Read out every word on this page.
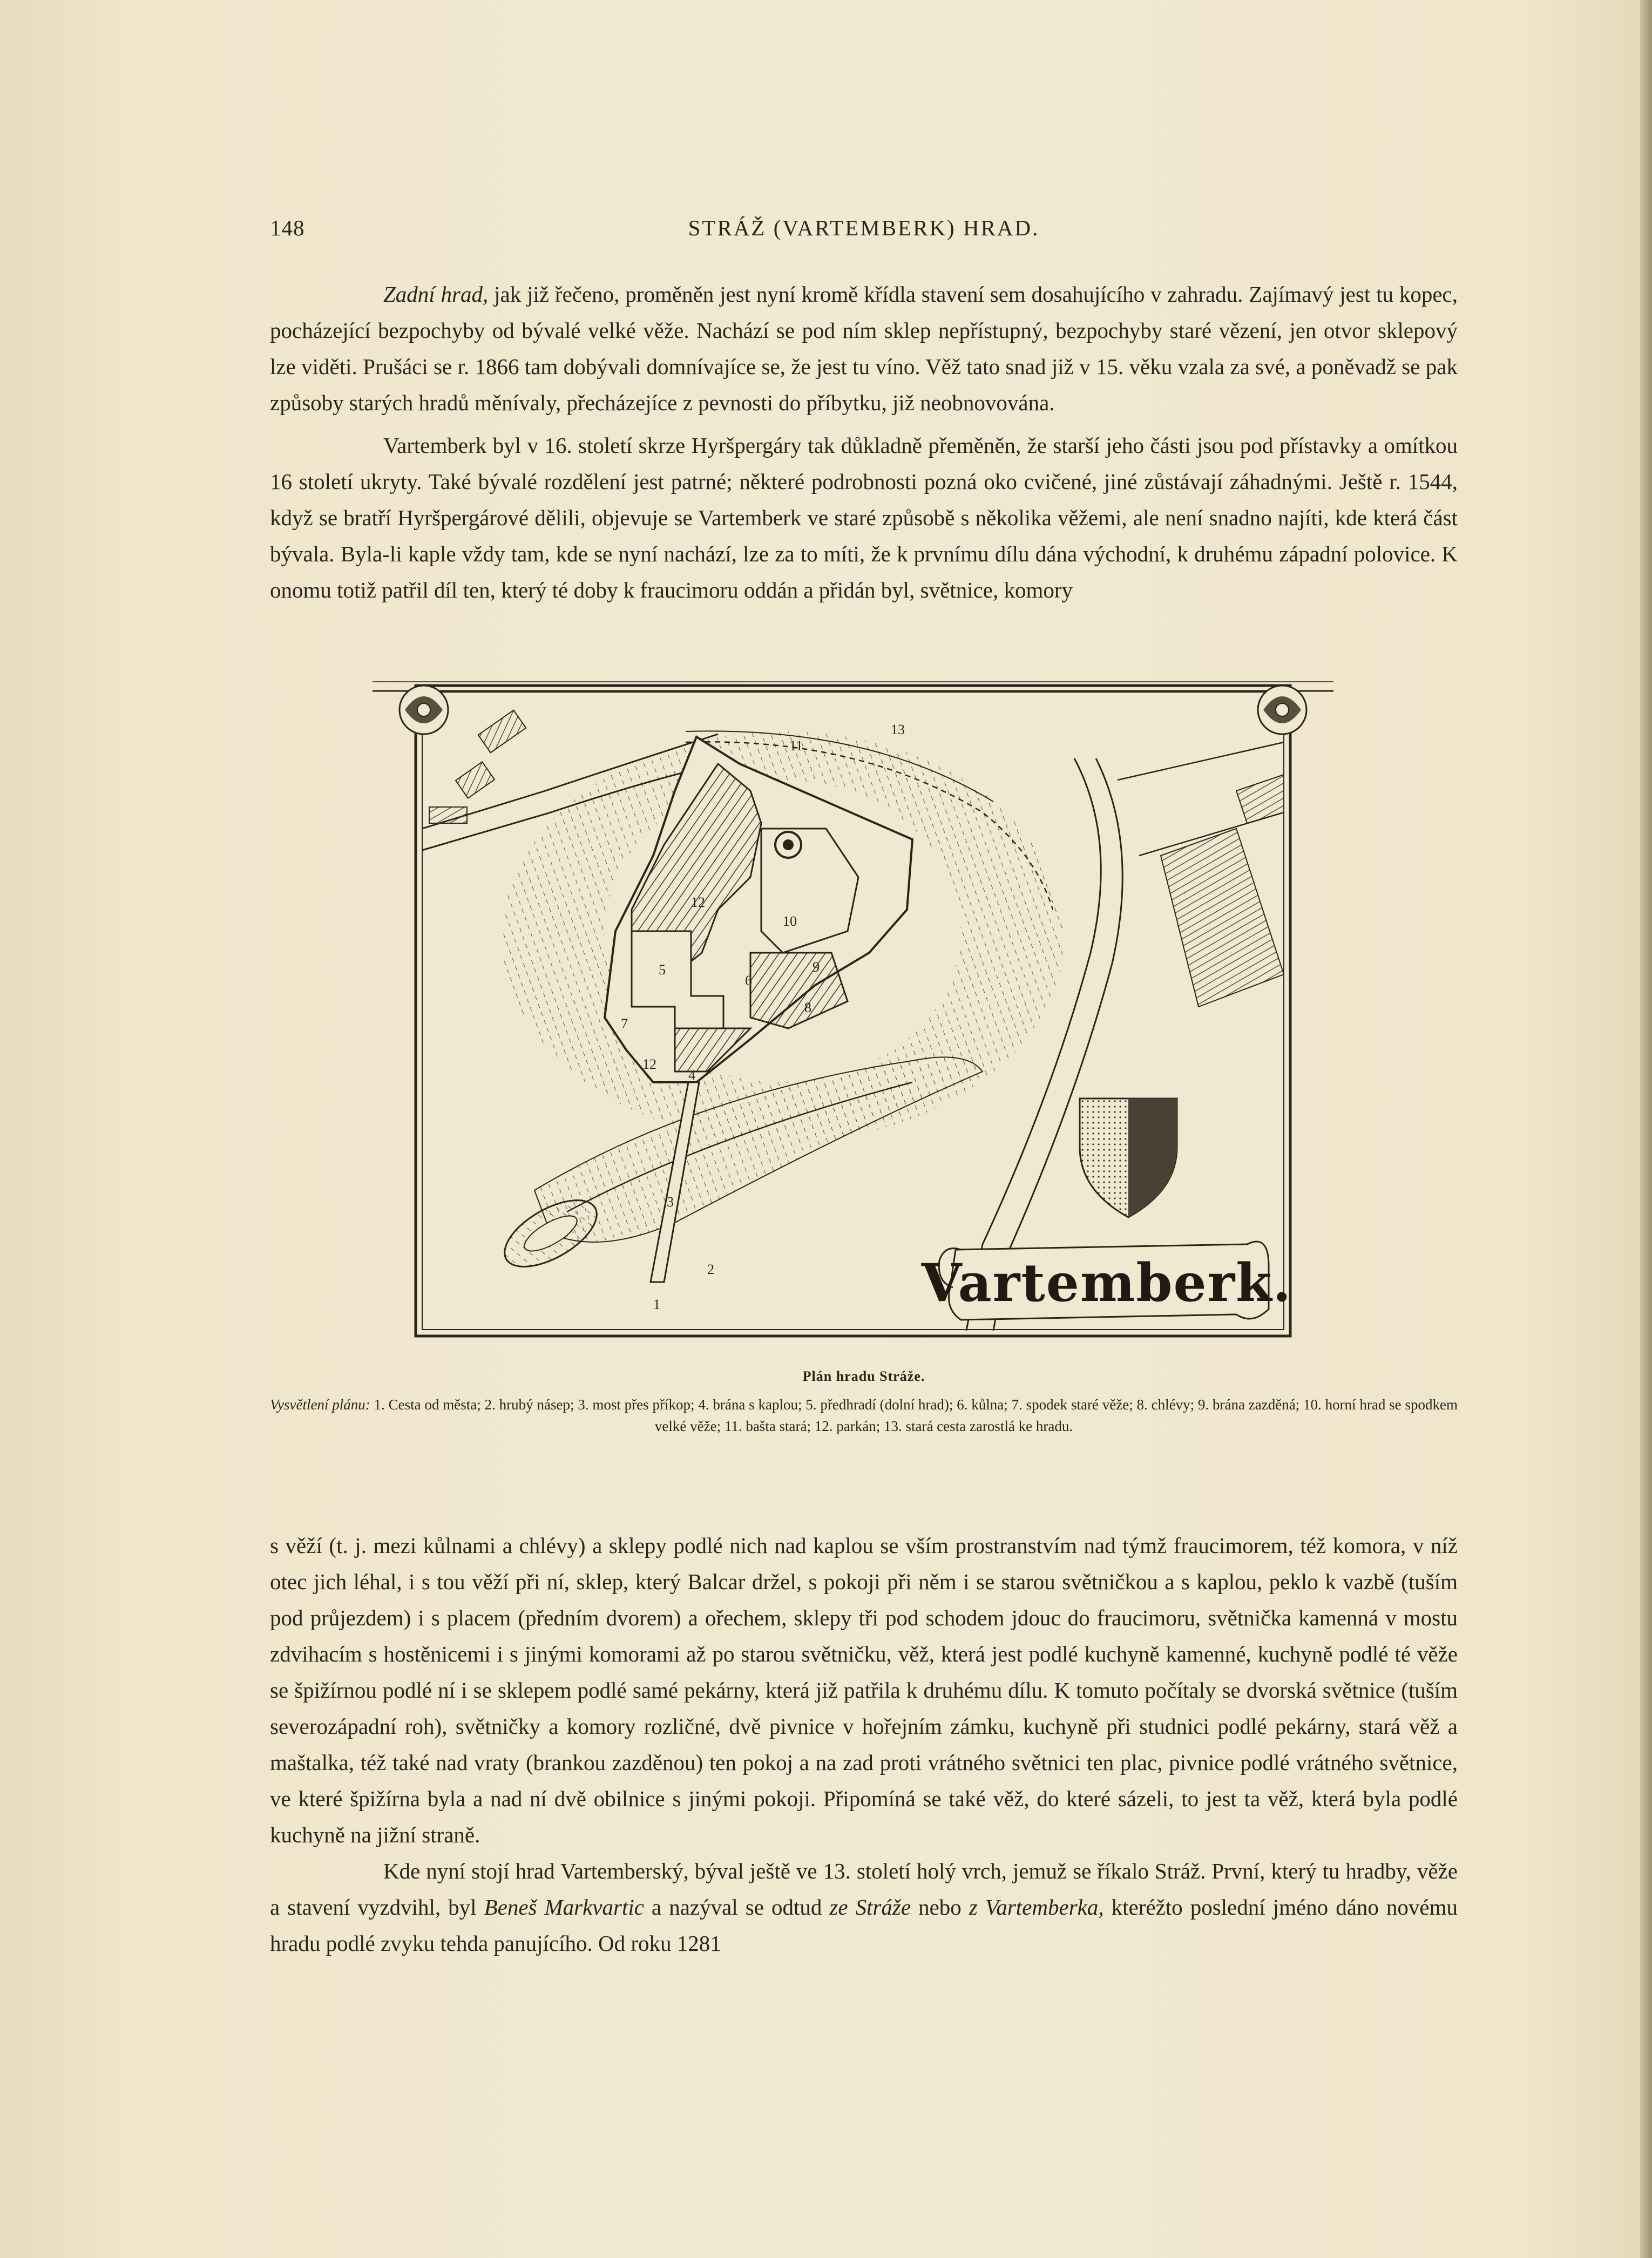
148	STRÁŽ (VARTEMBERK) HRAD.

Zadní hrad, jak již řečeno, proměněn jest nyní kromě křídla stavení sem dosahujícího v zahradu. Zajímavý jest tu kopec, pocházející bezpochyby od bývalé velké věže. Nachází se pod ním sklep nepřístupný, bezpochyby staré vězení, jen otvor sklepový lze viděti. Prušáci se r. 1866 tam dobývali domnívajíce se, že jest tu víno. Věž tato snad již v 15. věku vzala za své, a poněvadž se pak způsoby starých hradů měnívaly, přecházejíce z pevnosti do příbytku, již neobnovována.

Vartemberk byl v 16. století skrze Hyršpergáry tak důkladně přeměněn, že starší jeho části jsou pod přístavky a omítkou 16 století ukryty. Také bývalé rozdělení jest patrné; některé podrobnosti pozná oko cvičené, jiné zůstávají záhadnými. Ještě r. 1544, když se bratří Hyršpergárové dělili, objevuje se Vartemberk ve staré způsobě s několika věžemi, ale není snadno najíti, kde která část bývala. Byla-li kaple vždy tam, kde se nyní nachází, lze za to míti, že k prvnímu dílu dána východní, k druhému západní polovice. K onomu totiž patřil díl ten, který té doby k fraucimoru oddán a přidán byl, světnice, komory

Vartemberk.
1
2
3
4
5
6
7
8
9
10
11
12
12
13
Plán hradu Stráže.
Vysvětlení plánu: 1. Cesta od města; 2. hrubý násep; 3. most přes příkop; 4. brána s kaplou; 5. předhradí (dolní hrad); 6. kůlna; 7. spodek staré věže; 8. chlévy; 9. brána zazděná; 10. horní hrad se spodkem velké věže; 11. bašta stará; 12. parkán; 13. stará cesta zarostlá ke hradu.

s věží (t. j. mezi kůlnami a chlévy) a sklepy podlé nich nad kaplou se vším prostranstvím nad týmž fraucimorem, též komora, v níž otec jich léhal, i s tou věží při ní, sklep, který Balcar držel, s pokoji při něm i se starou světničkou a s kaplou, peklo k vazbě (tuším pod průjezdem) i s placem (předním dvorem) a ořechem, sklepy tři pod schodem jdouc do fraucimoru, světnička kamenná v mostu zdvihacím s hostěnicemi i s jinými komorami až po starou světničku, věž, která jest podlé kuchyně kamenné, kuchyně podlé té věže se špižírnou podlé ní i se sklepem podlé samé pekárny, která již patřila k druhému dílu. K tomuto počítaly se dvorská světnice (tuším severozápadní roh), světničky a komory rozličné, dvě pivnice v hořejním zámku, kuchyně při studnici podlé pekárny, stará věž a maštalka, též také nad vraty (brankou zazděnou) ten pokoj a na zad proti vrátného světnici ten plac, pivnice podlé vrátného světnice, ve které špižírna byla a nad ní dvě obilnice s jinými pokoji. Připomíná se také věž, do které sázeli, to jest ta věž, která byla podlé kuchyně na jižní straně.

Kde nyní stojí hrad Vartemberský, býval ještě ve 13. století holý vrch, jemuž se říkalo Stráž. První, který tu hradby, věže a stavení vyzdvihl, byl Beneš Markvartic a nazýval se odtud ze Stráže nebo z Vartemberka, kteréžto poslední jméno dáno novému hradu podlé zvyku tehda panujícího. Od roku 1281
